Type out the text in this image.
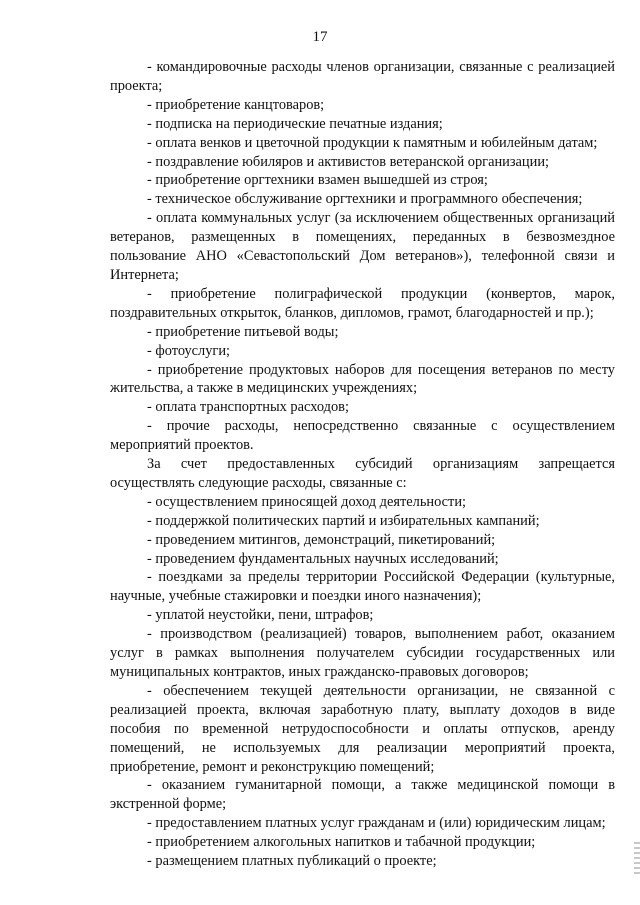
17

- командировочные расходы членов организации, связанные с реализацией проекта;

- приобретение канцтоваров;

- подписка на периодические печатные издания;

- оплата венков и цветочной продукции к памятным и юбилейным датам;

- поздравление юбиляров и активистов ветеранской организации;

- приобретение оргтехники взамен вышедшей из строя;

- техническое обслуживание оргтехники и программного обеспечения;

- оплата коммунальных услуг (за исключением общественных организаций ветеранов, размещенных в помещениях, переданных в безвозмездное пользование АНО «Севастопольский Дом ветеранов»), телефонной связи и Интернета;

- приобретение полиграфической продукции (конвертов, марок, поздравительных открыток, бланков, дипломов, грамот, благодарностей и пр.);

- приобретение питьевой воды;

- фотоуслуги;

- приобретение продуктовых наборов для посещения ветеранов по месту жительства, а также в медицинских учреждениях;

- оплата транспортных расходов;

- прочие расходы, непосредственно связанные с осуществлением мероприятий проектов.

За счет предоставленных субсидий организациям запрещается осуществлять следующие расходы, связанные с:

- осуществлением приносящей доход деятельности;

- поддержкой политических партий и избирательных кампаний;

- проведением митингов, демонстраций, пикетирований;

- проведением фундаментальных научных исследований;

- поездками за пределы территории Российской Федерации (культурные, научные, учебные стажировки и поездки иного назначения);

- уплатой неустойки, пени, штрафов;

- производством (реализацией) товаров, выполнением работ, оказанием услуг в рамках выполнения получателем субсидии государственных или муниципальных контрактов, иных гражданско-правовых договоров;

- обеспечением текущей деятельности организации, не связанной с реализацией проекта, включая заработную плату, выплату доходов в виде пособия по временной нетрудоспособности и оплаты отпусков, аренду помещений, не используемых для реализации мероприятий проекта, приобретение, ремонт и реконструкцию помещений;

- оказанием гуманитарной помощи, а также медицинской помощи в экстренной форме;

- предоставлением платных услуг гражданам и (или) юридическим лицам;

- приобретением алкогольных напитков и табачной продукции;

- размещением платных публикаций о проекте;
